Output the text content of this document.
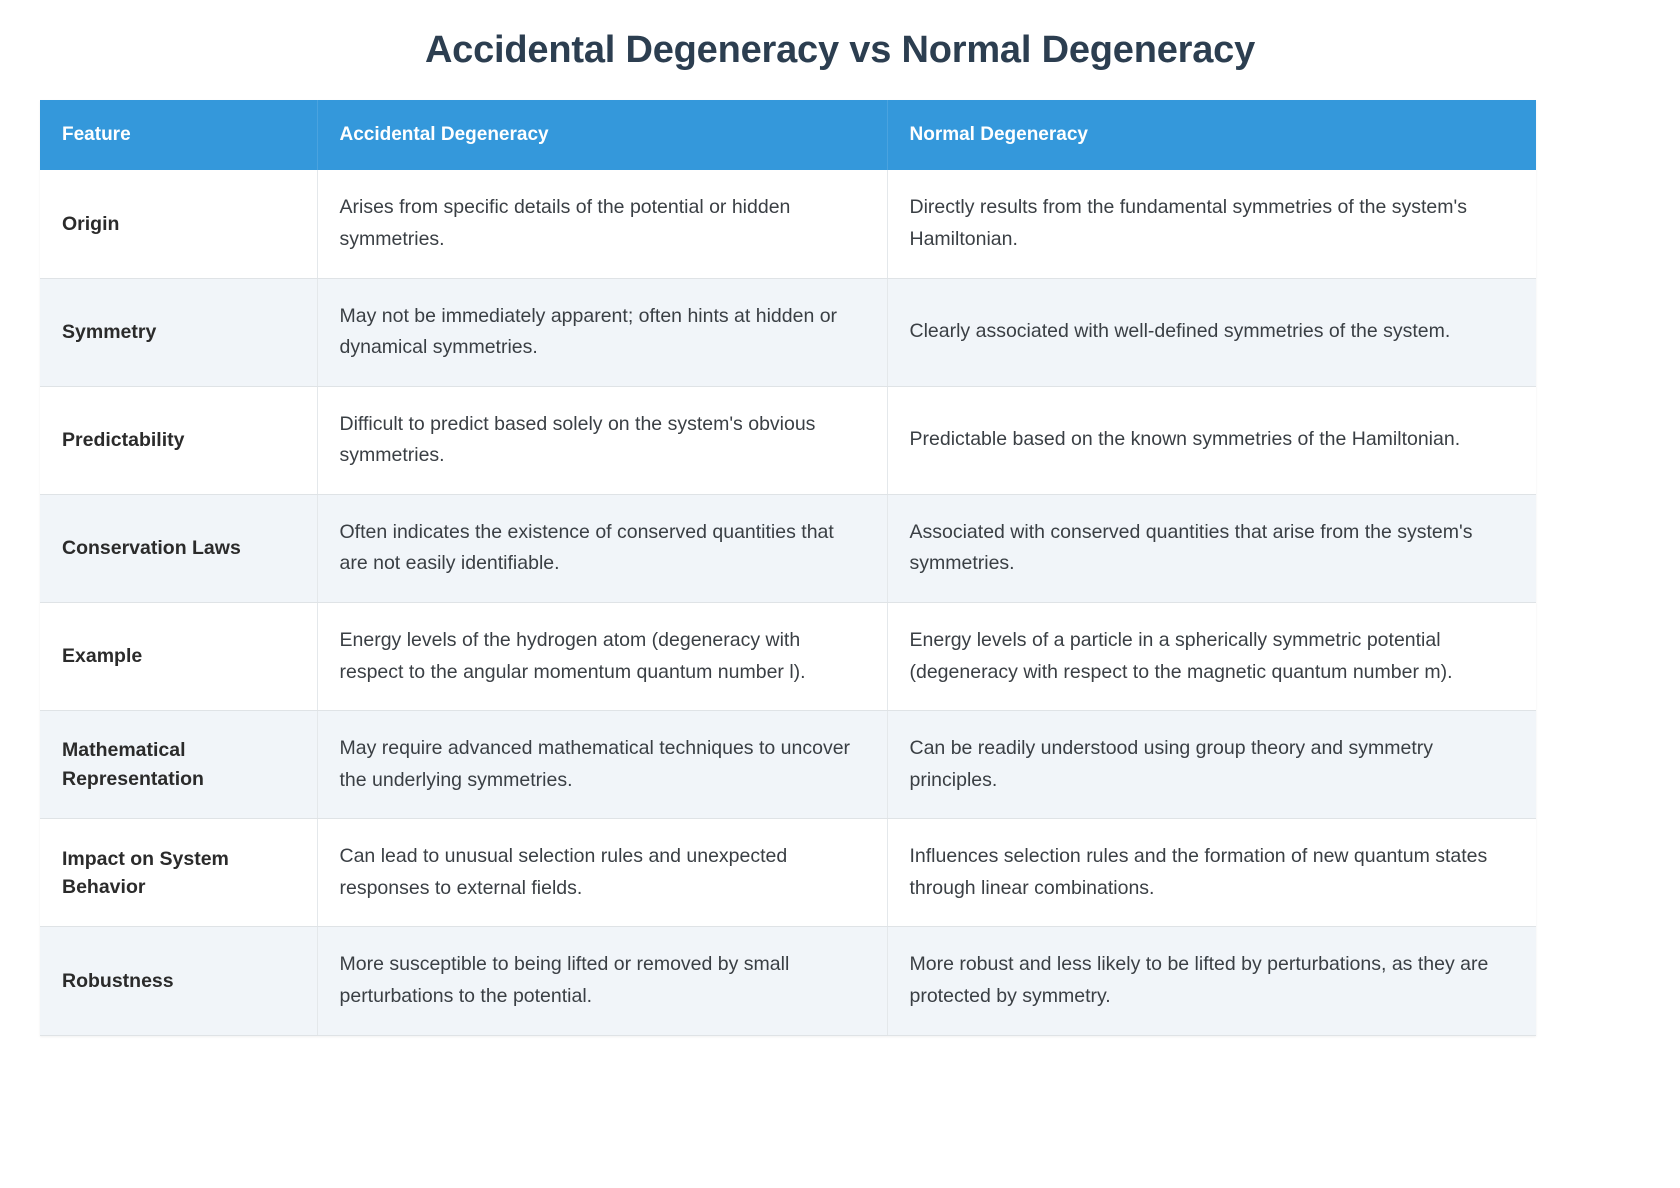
Accidental Degeneracy vs Normal Degeneracy
Feature	Accidental Degeneracy	Normal Degeneracy
Origin	Arises from specific details of the potential or hidden symmetries.	Directly results from the fundamental symmetries of the system's Hamiltonian.
Symmetry	May not be immediately apparent; often hints at hidden or dynamical symmetries.	Clearly associated with well-defined symmetries of the system.
Predictability	Difficult to predict based solely on the system's obvious symmetries.	Predictable based on the known symmetries of the Hamiltonian.
Conservation Laws	Often indicates the existence of conserved quantities that are not easily identifiable.	Associated with conserved quantities that arise from the system's symmetries.
Example	Energy levels of the hydrogen atom (degeneracy with respect to the angular momentum quantum number l).	Energy levels of a particle in a spherically symmetric potential (degeneracy with respect to the magnetic quantum number m).
Mathematical Representation	May require advanced mathematical techniques to uncover the underlying symmetries.	Can be readily understood using group theory and symmetry principles.
Impact on System Behavior	Can lead to unusual selection rules and unexpected responses to external fields.	Influences selection rules and the formation of new quantum states through linear combinations.
Robustness	More susceptible to being lifted or removed by small perturbations to the potential.	More robust and less likely to be lifted by perturbations, as they are protected by symmetry.
